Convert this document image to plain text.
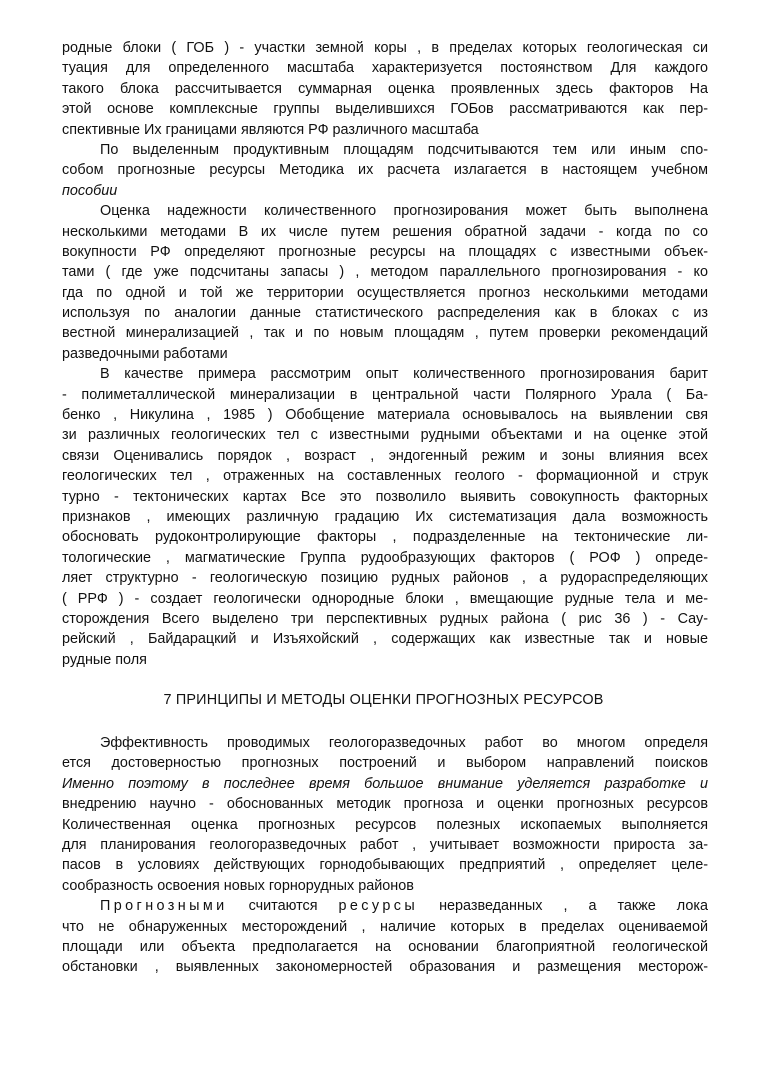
родные блоки ( ГОБ ) - участки земной коры , в пределах которых геологическая си
туация для определенного масштаба характеризуется постоянством Для каждого
такого блока рассчитывается суммарная оценка проявленных здесь факторов На
этой основе комплексные группы выделившихся ГОБов рассматриваются как пер-
спективные Их границами являются РФ различного масштаба
По выделенным продуктивным площадям подсчитываются тем или иным спо-
собом прогнозные ресурсы Методика их расчета излагается в настоящем учебном
пособии
Оценка надежности количественного прогнозирования может быть выполнена
несколькими методами В их числе путем решения обратной задачи - когда по со
вокупности РФ определяют прогнозные ресурсы на площадях с известными объек-
тами ( где уже подсчитаны запасы ) , методом параллельного прогнозирования - ко
гда по одной и той же территории осуществляется прогноз несколькими методами
используя по аналогии данные статистического распределения как в блоках с из
вестной минерализацией , так и по новым площадям , путем проверки рекомендаций
разведочными работами
В качестве примера рассмотрим опыт количественного прогнозирования барит
- полиметаллической минерализации в центральной части Полярного Урала ( Ба-
бенко , Никулина , 1985 ) Обобщение материала основывалось на выявлении свя
зи различных геологических тел с известными рудными объектами и на оценке этой
связи Оценивались порядок , возраст , эндогенный режим и зоны влияния всех
геологических тел , отраженных на составленных геолого - формационной и струк
турно - тектонических картах Все это позволило выявить совокупность факторных
признаков , имеющих различную градацию Их систематизация дала возможность
обосновать рудоконтролирующие факторы , подразделенные на тектонические ли-
тологические , магматические Группа рудообразующих факторов ( РОФ ) опреде-
ляет структурно - геологическую позицию рудных районов , а рудораспределяющих
( РРФ ) - создает геологически однородные блоки , вмещающие рудные тела и ме-
сторождения Всего выделено три перспективных рудных района ( рис 36 ) - Сау-
рейский , Байдарацкий и Изъяхойский , содержащих как известные так и новые
рудные поля
7 ПРИНЦИПЫ И МЕТОДЫ ОЦЕНКИ ПРОГНОЗНЫХ РЕСУРСОВ
Эффективность проводимых геологоразведочных работ во многом определя
ется достоверностью прогнозных построений и выбором направлений поисков
Именно поэтому в последнее время большое внимание уделяется разработке и
внедрению научно - обоснованных методик прогноза и оценки прогнозных ресурсов
Количественная оценка прогнозных ресурсов полезных ископаемых выполняется
для планирования геологоразведочных работ , учитывает возможности прироста за-
пасов в условиях действующих горнодобывающих предприятий , определяет целе-
сообразность освоения новых горнорудных районов
Прогнозными считаются ресурсы неразведанных , а также лока
что не обнаруженных месторождений , наличие которых в пределах оцениваемой
площади или объекта предполагается на основании благоприятной геологической
обстановки , выявленных закономерностей образования и размещения месторож-
